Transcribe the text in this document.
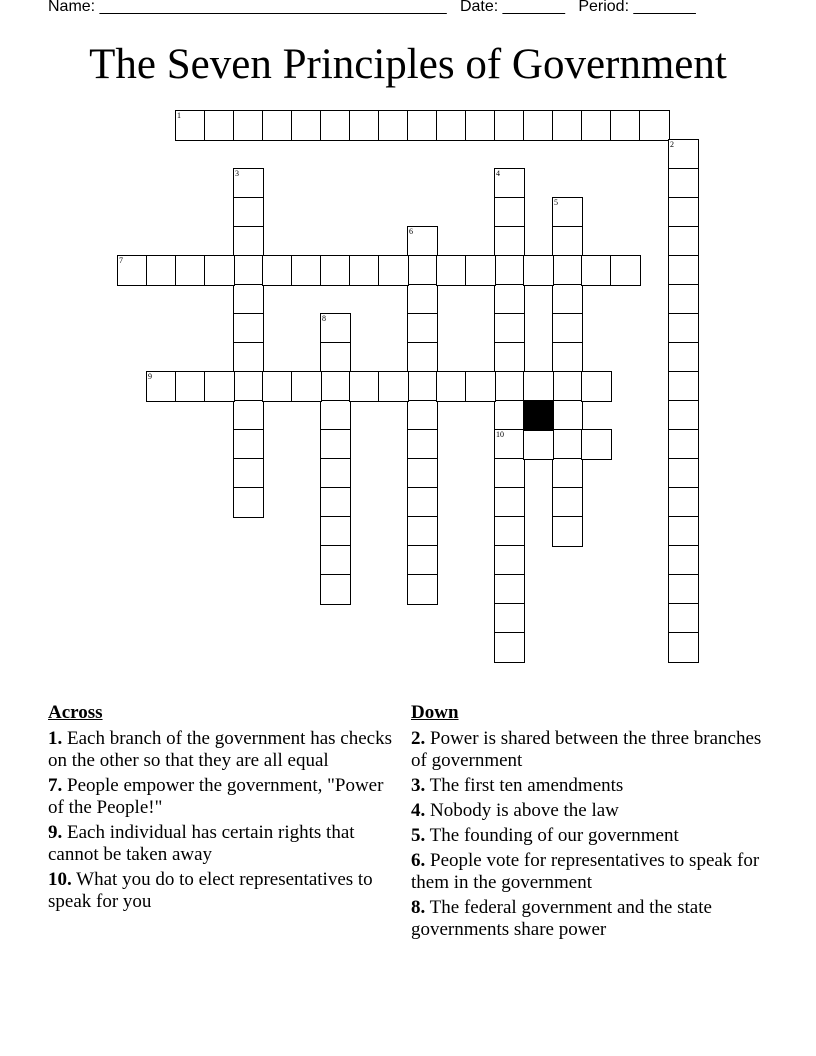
Name: _______________________________________ Date: _______ Period: _______
The Seven Principles of Government
1
2
3	4
10
5
6
7
8
9
Across
1. Each branch of the government has checks on the other so that they are all equal
7. People empower the government, "Power of the People!"
9. Each individual has certain rights that cannot be taken away
10. What you do to elect representatives to speak for you
Down
2. Power is shared between the three branches of government
3. The first ten amendments
4. Nobody is above the law
5. The founding of our government
6. People vote for representatives to speak for them in the government
8. The federal government and the state governments share power
